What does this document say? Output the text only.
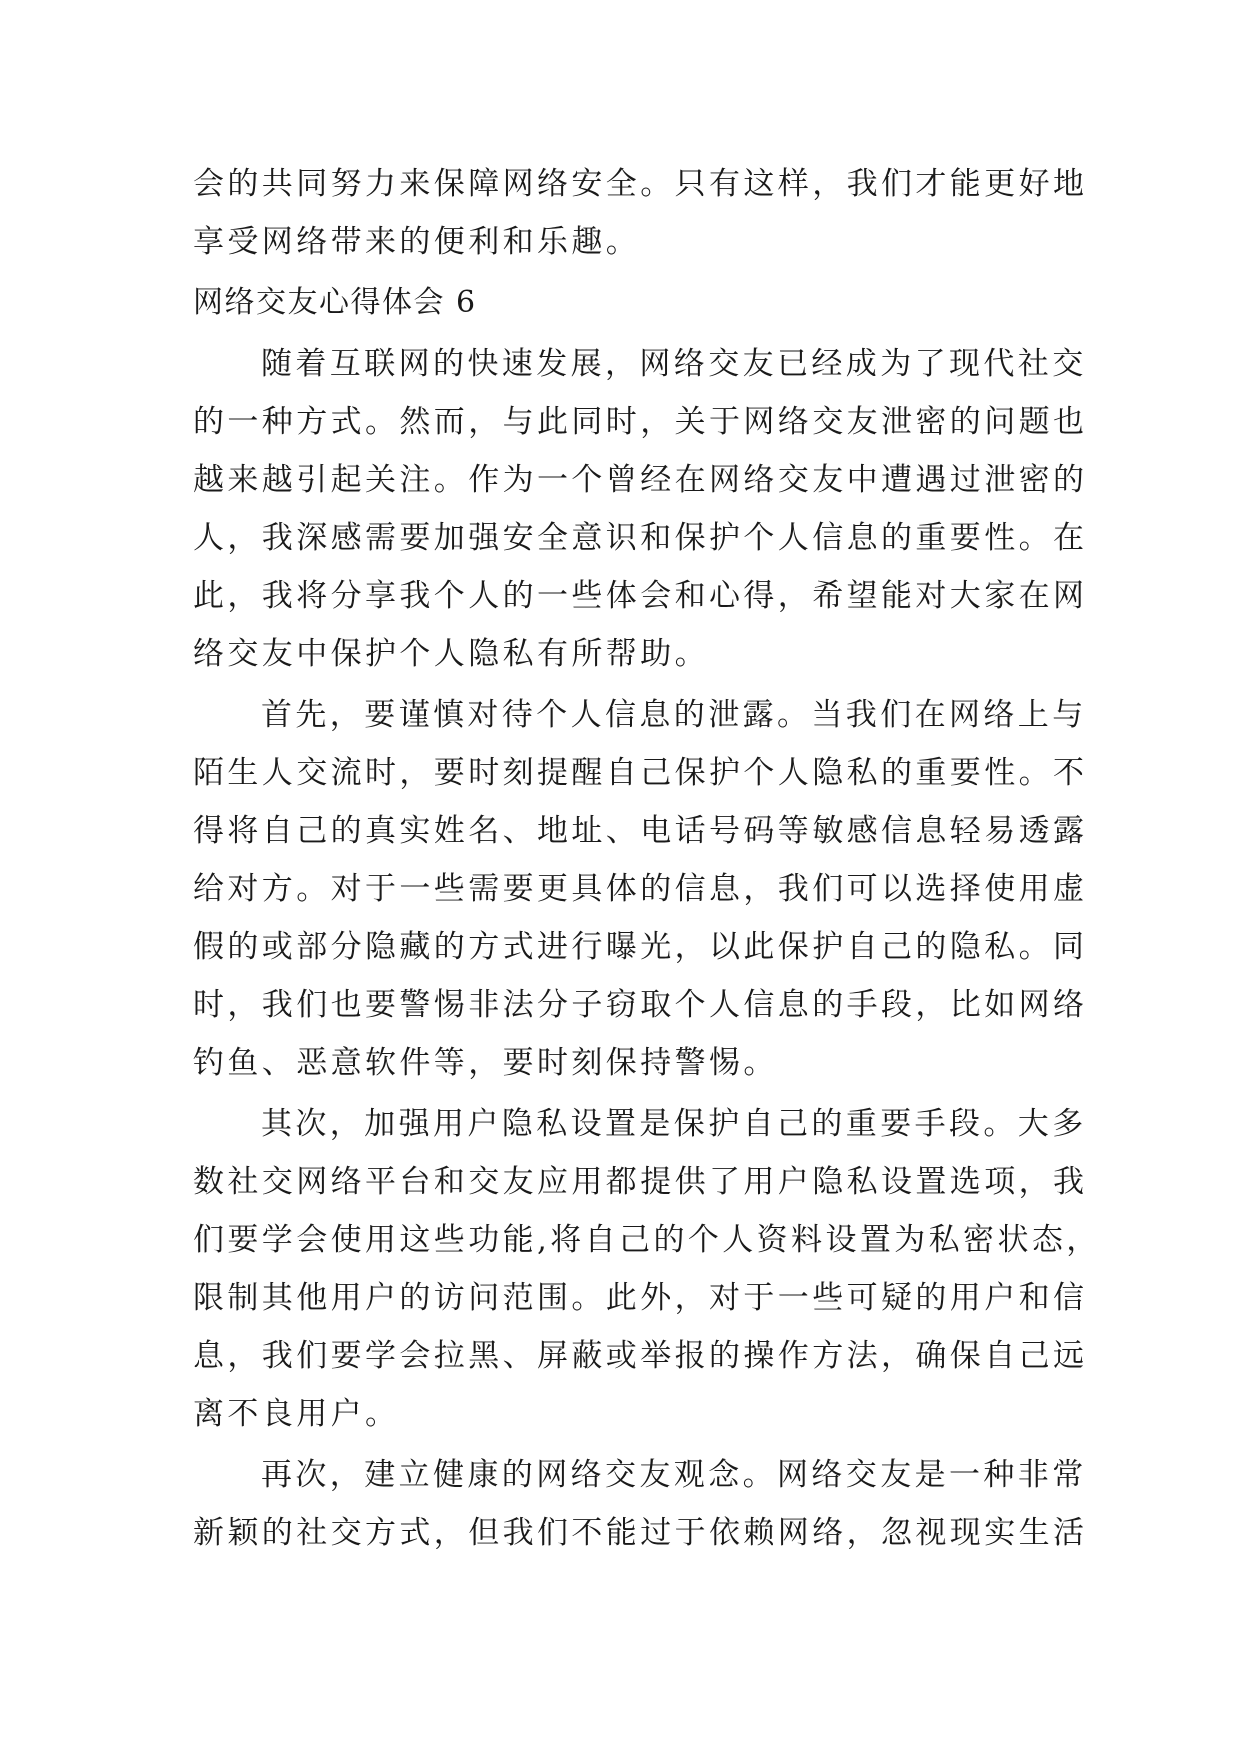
会的共同努力来保障网络安全。只有这样，我们才能更好地
享受网络带来的便利和乐趣。
网络交友心得体会 6
随着互联网的快速发展，网络交友已经成为了现代社交
的一种方式。然而，与此同时，关于网络交友泄密的问题也
越来越引起关注。作为一个曾经在网络交友中遭遇过泄密的
人，我深感需要加强安全意识和保护个人信息的重要性。在
此，我将分享我个人的一些体会和心得，希望能对大家在网
络交友中保护个人隐私有所帮助。
首先，要谨慎对待个人信息的泄露。当我们在网络上与
陌生人交流时，要时刻提醒自己保护个人隐私的重要性。不
得将自己的真实姓名、地址、电话号码等敏感信息轻易透露
给对方。对于一些需要更具体的信息，我们可以选择使用虚
假的或部分隐藏的方式进行曝光，以此保护自己的隐私。同
时，我们也要警惕非法分子窃取个人信息的手段，比如网络
钓鱼、恶意软件等，要时刻保持警惕。
其次，加强用户隐私设置是保护自己的重要手段。大多
数社交网络平台和交友应用都提供了用户隐私设置选项，我
们要学会使用这些功能,将自己的个人资料设置为私密状态，
限制其他用户的访问范围。此外，对于一些可疑的用户和信
息，我们要学会拉黑、屏蔽或举报的操作方法，确保自己远
离不良用户。
再次，建立健康的网络交友观念。网络交友是一种非常
新颖的社交方式，但我们不能过于依赖网络，忽视现实生活
